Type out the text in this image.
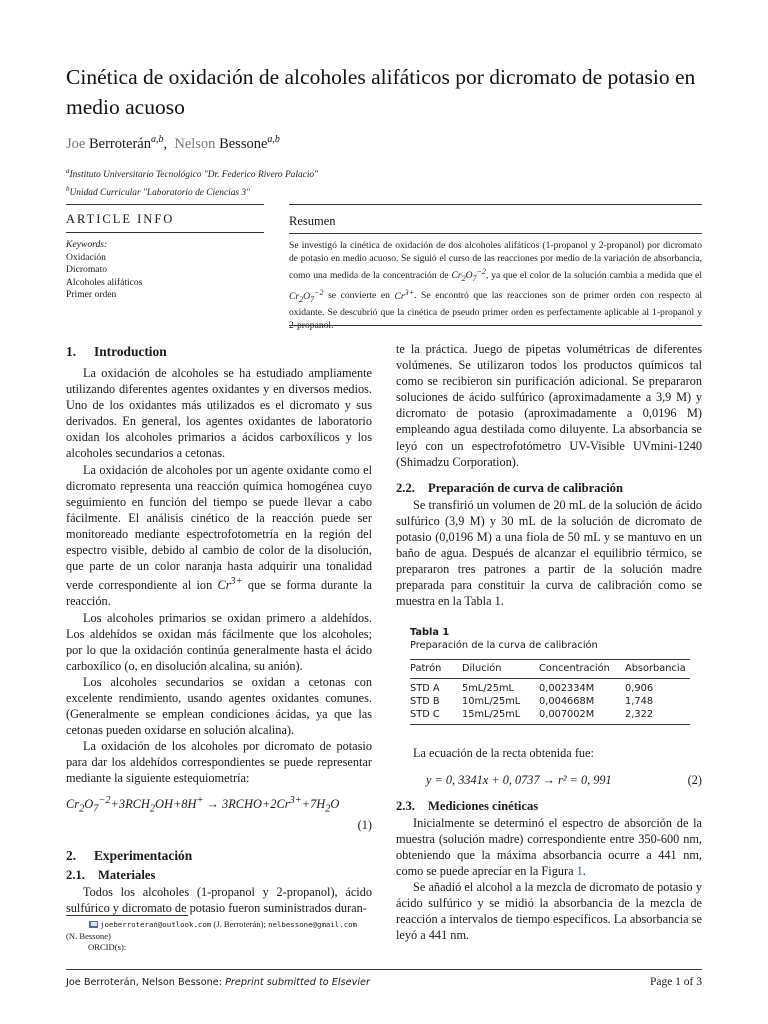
Cinética de oxidación de alcoholes alifáticos por dicromato de potasio en medio acuoso
Joe Berroterán$^{a,b}$,  Nelson Bessone$^{a,b}$
$^a$Instituto Universitario Tecnológico "Dr. Federico Rivero Palacio"
$^b$Unidad Curricular "Laboratorio de Ciencias 3"
ARTICLE INFO
Keywords:
Oxidación
Dicromato
Alcoholes alifáticos
Primer orden
Resumen
Se investigó la cinética de oxidación de dos alcoholes alifáticos (1-propanol y 2-propanol) por dicromato de potasio en medio acuoso. Se siguió el curso de las reacciones por medio de la variación de absorbancia, como una medida de la concentración de $Cr_2O_7^{-2}$, ya que el color de la solución cambia a medida que el $Cr_2O_7^{-2}$ se convierte en $Cr^{3+}$. Se encontró que las reacciones son de primer orden con respecto al oxidante. Se descubrió que la cinética de pseudo primer orden es perfectamente aplicable al 1-propanol y 2-propanol.
1. Introduction

La oxidación de alcoholes se ha estudiado ampliamente utilizando diferentes agentes oxidantes y en diversos medios. Uno de los oxidantes más utilizados es el dicromato y sus derivados. En general, los agentes oxidantes de laboratorio oxidan los alcoholes primarios a ácidos carboxílicos y los alcoholes secundarios a cetonas.

La oxidación de alcoholes por un agente oxidante como el dicromato representa una reacción química homogénea cuyo seguimiento en función del tiempo se puede llevar a cabo fácilmente. El análisis cinético de la reacción puede ser monitoreado mediante espectrofotometría en la región del espectro visible, debido al cambio de color de la disolución, que parte de un color naranja hasta adquirir una tonalidad verde correspondiente al ion $Cr^{3+}$ que se forma durante la reacción.

Los alcoholes primarios se oxidan primero a aldehídos. Los aldehídos se oxidan más fácilmente que los alcoholes; por lo que la oxidación continúa generalmente hasta el ácido carboxílico (o, en disolución alcalina, su anión).

Los alcoholes secundarios se oxidan a cetonas con excelente rendimiento, usando agentes oxidantes comunes. (Generalmente se emplean condiciones ácidas, ya que las cetonas pueden oxidarse en solución alcalina).

La oxidación de los alcoholes por dicromato de potasio para dar los aldehídos correspondientes se puede representar mediante la siguiente estequiometría:

$Cr_2O_7^{-2}+3RCH_2OH+8H^+$ → $3RCHO+2Cr^{3+}+7H_2O$
(1)
2. Experimentación
2.1. Materiales

Todos los alcoholes (1-propanol y 2-propanol), ácido sulfúrico y dicromato de potasio fueron suministrados duran-

joeberroteran@outlook.com (J. Berroterán); nelbessone@gmail.com
(N. Bessone)
ORCID(s):

te la práctica. Juego de pipetas volumétricas de diferentes volúmenes. Se utilizaron todos los productos químicos tal como se recibieron sin purificación adicional. Se prepararon soluciones de ácido sulfúrico (aproximadamente a 3,9 M) y dicromato de potasio (aproximadamente a 0,0196 M) empleando agua destilada como diluyente. La absorbancia se leyó con un espectrofotómetro UV-Visible UVmini-1240 (Shimadzu Corporation).

2.2. Preparación de curva de calibración

Se transfirió un volumen de 20 mL de la solución de ácido sulfúrico (3,9 M) y 30 mL de la solución de dicromato de potasio (0,0196 M) a una fiola de 50 mL y se mantuvo en un baño de agua. Después de alcanzar el equilibrio térmico, se prepararon tres patrones a partir de la solución madre preparada para constituir la curva de calibración como se muestra en la Tabla 1.

Tabla 1
Preparación de la curva de calibración
Patrón	Dilución	Concentración	Absorbancia
STD A	5mL/25mL	0,002334M	0,906
STD B	10mL/25mL	0,004668M	1,748
STD C	15mL/25mL	0,007002M	2,322

La ecuación de la recta obtenida fue:

y = 0, 3341x + 0, 0737 → r² = 0, 991	(2)
2.3. Mediciones cinéticas

Inicialmente se determinó el espectro de absorción de la muestra (solución madre) correspondiente entre 350-600 nm, obteniendo que la máxima absorbancia ocurre a 441 nm, como se puede apreciar en la Figura 1.

Se añadió el alcohol a la mezcla de dicromato de potasio y ácido sulfúrico y se midió la absorbancia de la mezcla de reacción a intervalos de tiempo específicos. La absorbancia se leyó a 441 nm.

Joe Berroterán, Nelson Bessone: Preprint submitted to Elsevier	Page 1 of 3
